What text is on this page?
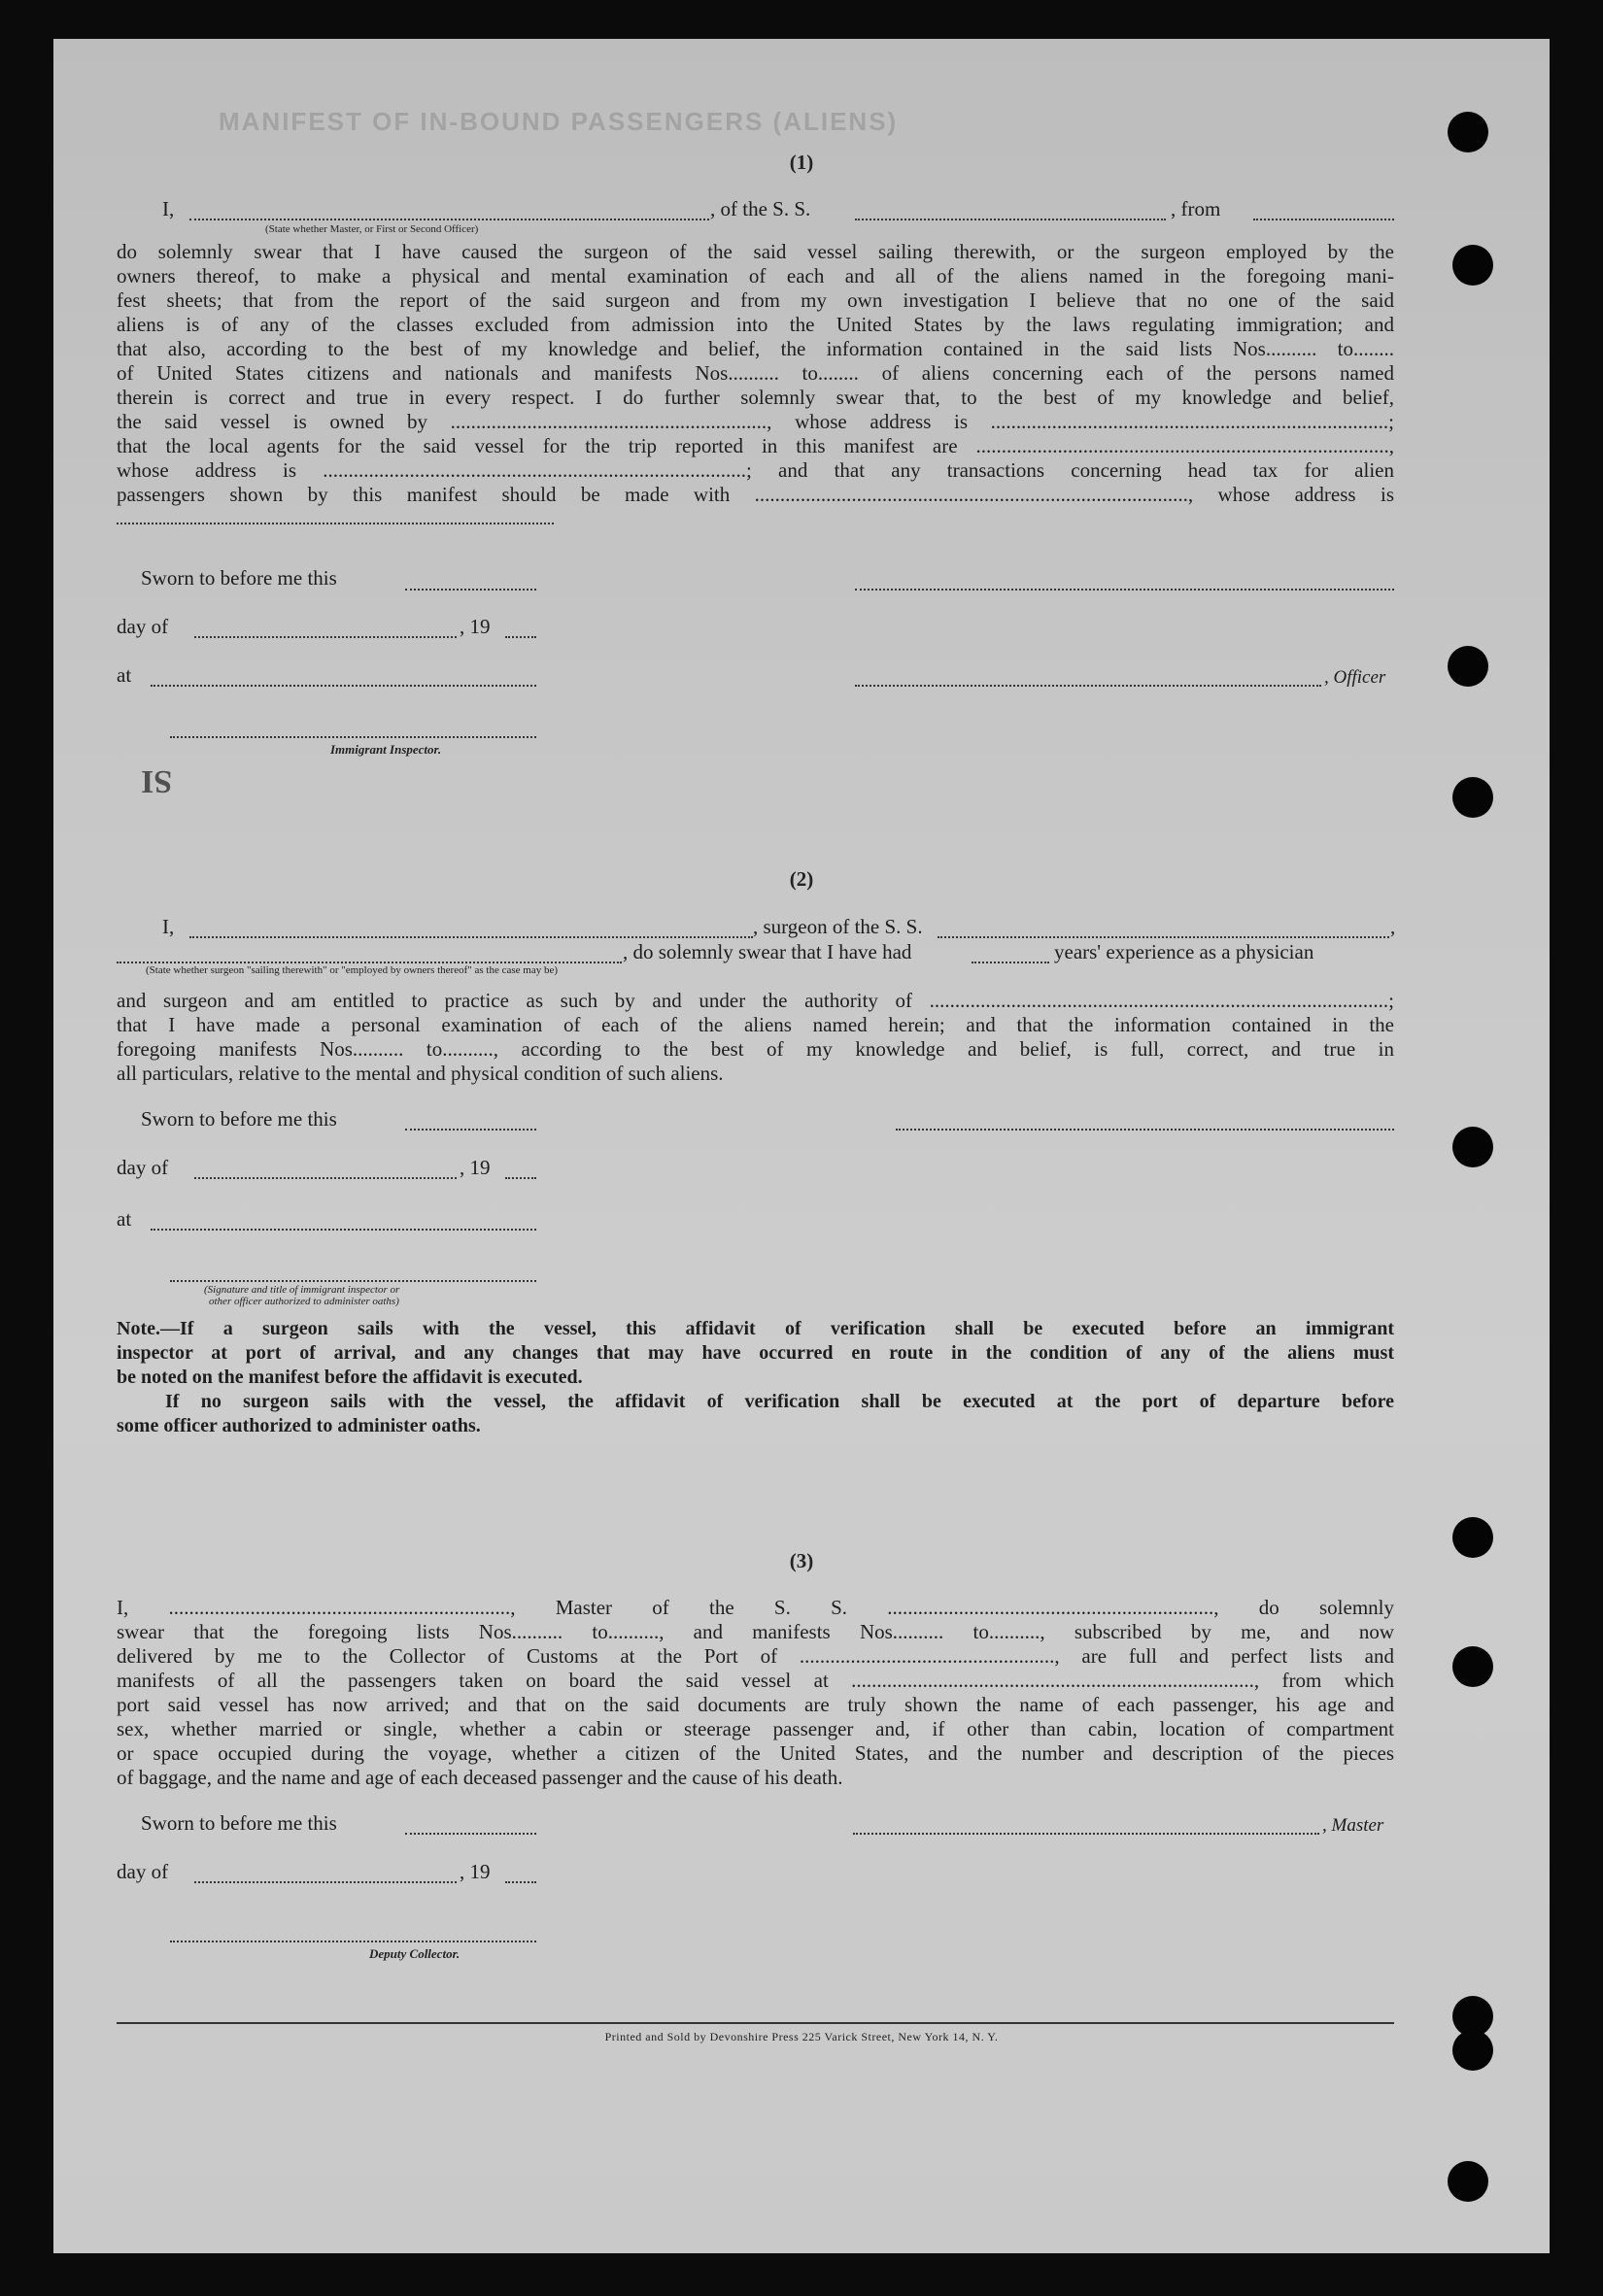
MANIFEST OF IN-BOUND PASSENGERS (ALIENS)
(1)
I,	, of the S. S.	, from
(State whether Master, or First or Second Officer)
do solemnly swear that I have caused the surgeon of the said vessel sailing therewith, or the surgeon employed by the
owners thereof, to make a physical and mental examination of each and all of the aliens named in the foregoing mani-
fest sheets; that from the report of the said surgeon and from my own investigation I believe that no one of the said
aliens is of any of the classes excluded from admission into the United States by the laws regulating immigration; and
that also, according to the best of my knowledge and belief, the information contained in the said lists Nos.......... to........
of United States citizens and nationals and manifests Nos.......... to........ of aliens concerning each of the persons named
therein is correct and true in every respect. I do further solemnly swear that, to the best of my knowledge and belief,
the said vessel is owned by .............................................................., whose address is ..............................................................................;
that the local agents for the said vessel for the trip reported in this manifest are .................................................................................,
whose address is ...................................................................................; and that any transactions concerning head tax for alien
passengers shown by this manifest should be made with ....................................................................................., whose address is
Sworn to before me this
day of	, 19
at	, Officer
Immigrant Inspector.
SI
(2)
I,	, surgeon of the S. S.	,
, do solemnly swear that I have had	years' experience as a physician
(State whether surgeon "sailing therewith" or "employed by owners thereof" as the case may be)
and surgeon and am entitled to practice as such by and under the authority of ..........................................................................................;
that I have made a personal examination of each of the aliens named herein; and that the information contained in the
foregoing manifests Nos.......... to.........., according to the best of my knowledge and belief, is full, correct, and true in
all particulars, relative to the mental and physical condition of such aliens.
Sworn to before me this
day of	, 19
at
(Signature and title of immigrant inspector or
other officer authorized to administer oaths)
Note.—If a surgeon sails with the vessel, this affidavit of verification shall be executed before an immigrant
inspector at port of arrival, and any changes that may have occurred en route in the condition of any of the aliens must
be noted on the manifest before the affidavit is executed.
If no surgeon sails with the vessel, the affidavit of verification shall be executed at the port of departure before
some officer authorized to administer oaths.
(3)
I, ..................................................................., Master of the S. S. ................................................................, do solemnly
swear that the foregoing lists Nos.......... to.........., and manifests Nos.......... to.........., subscribed by me, and now
delivered by me to the Collector of Customs at the Port of .................................................., are full and perfect lists and
manifests of all the passengers taken on board the said vessel at ..............................................................................., from which
port said vessel has now arrived; and that on the said documents are truly shown the name of each passenger, his age and
sex, whether married or single, whether a cabin or steerage passenger and, if other than cabin, location of compartment
or space occupied during the voyage, whether a citizen of the United States, and the number and description of the pieces
of baggage, and the name and age of each deceased passenger and the cause of his death.
Sworn to before me this	, Master
day of	, 19
Deputy Collector.
Printed and Sold by Devonshire Press 225 Varick Street, New York 14, N. Y.
